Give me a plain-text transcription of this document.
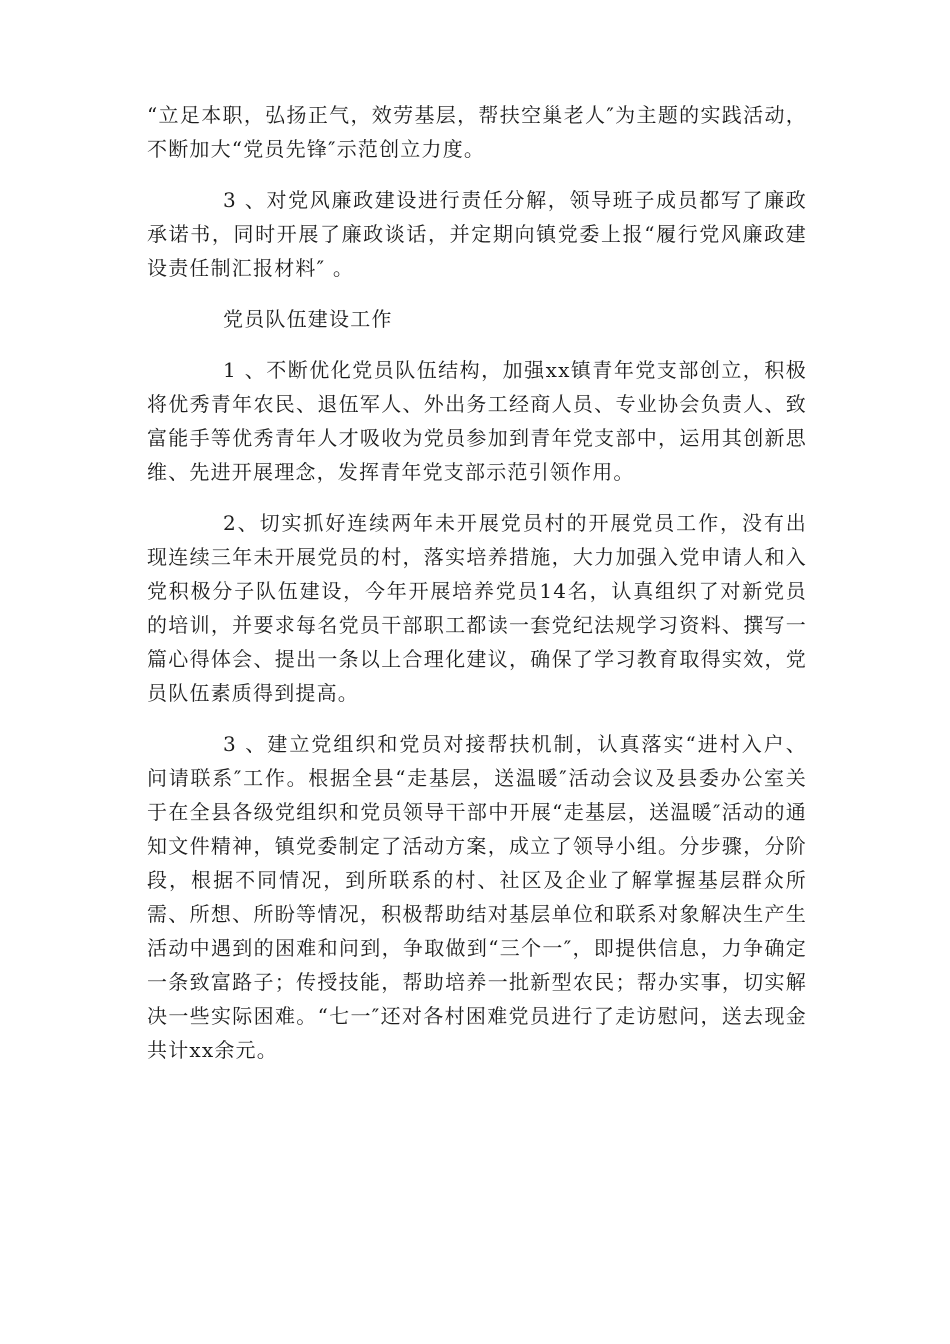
“立足本职，弘扬正气，效劳基层，帮扶空巢老人″为主题的实践活动，不断加大“党员先锋″示范创立力度。

3 、对党风廉政建设进行责任分解，领导班子成员都写了廉政承诺书，同时开展了廉政谈话，并定期向镇党委上报“履行党风廉政建设责任制汇报材料″ 。

党员队伍建设工作

1 、不断优化党员队伍结构，加强xx镇青年党支部创立，积极将优秀青年农民、退伍军人、外出务工经商人员、专业协会负责人、致富能手等优秀青年人才吸收为党员参加到青年党支部中，运用其创新思维、先进开展理念，发挥青年党支部示范引领作用。

2、切实抓好连续两年未开展党员村的开展党员工作，没有出现连续三年未开展党员的村，落实培养措施，大力加强入党申请人和入党积极分子队伍建设，今年开展培养党员14名，认真组织了对新党员的培训，并要求每名党员干部职工都读一套党纪法规学习资料、撰写一篇心得体会、提出一条以上合理化建议，确保了学习教育取得实效，党员队伍素质得到提高。

3 、建立党组织和党员对接帮扶机制，认真落实“进村入户、问请联系″工作。根据全县“走基层，送温暖″活动会议及县委办公室关于在全县各级党组织和党员领导干部中开展“走基层，送温暖″活动的通知文件精神，镇党委制定了活动方案，成立了领导小组。分步骤，分阶段，根据不同情况，到所联系的村、社区及企业了解掌握基层群众所需、所想、所盼等情况，积极帮助结对基层单位和联系对象解决生产生活动中遇到的困难和问到，争取做到“三个一″，即提供信息，力争确定一条致富路子；传授技能，帮助培养一批新型农民；帮办实事，切实解决一些实际困难。“七一″还对各村困难党员进行了走访慰问，送去现金共计xx余元。
